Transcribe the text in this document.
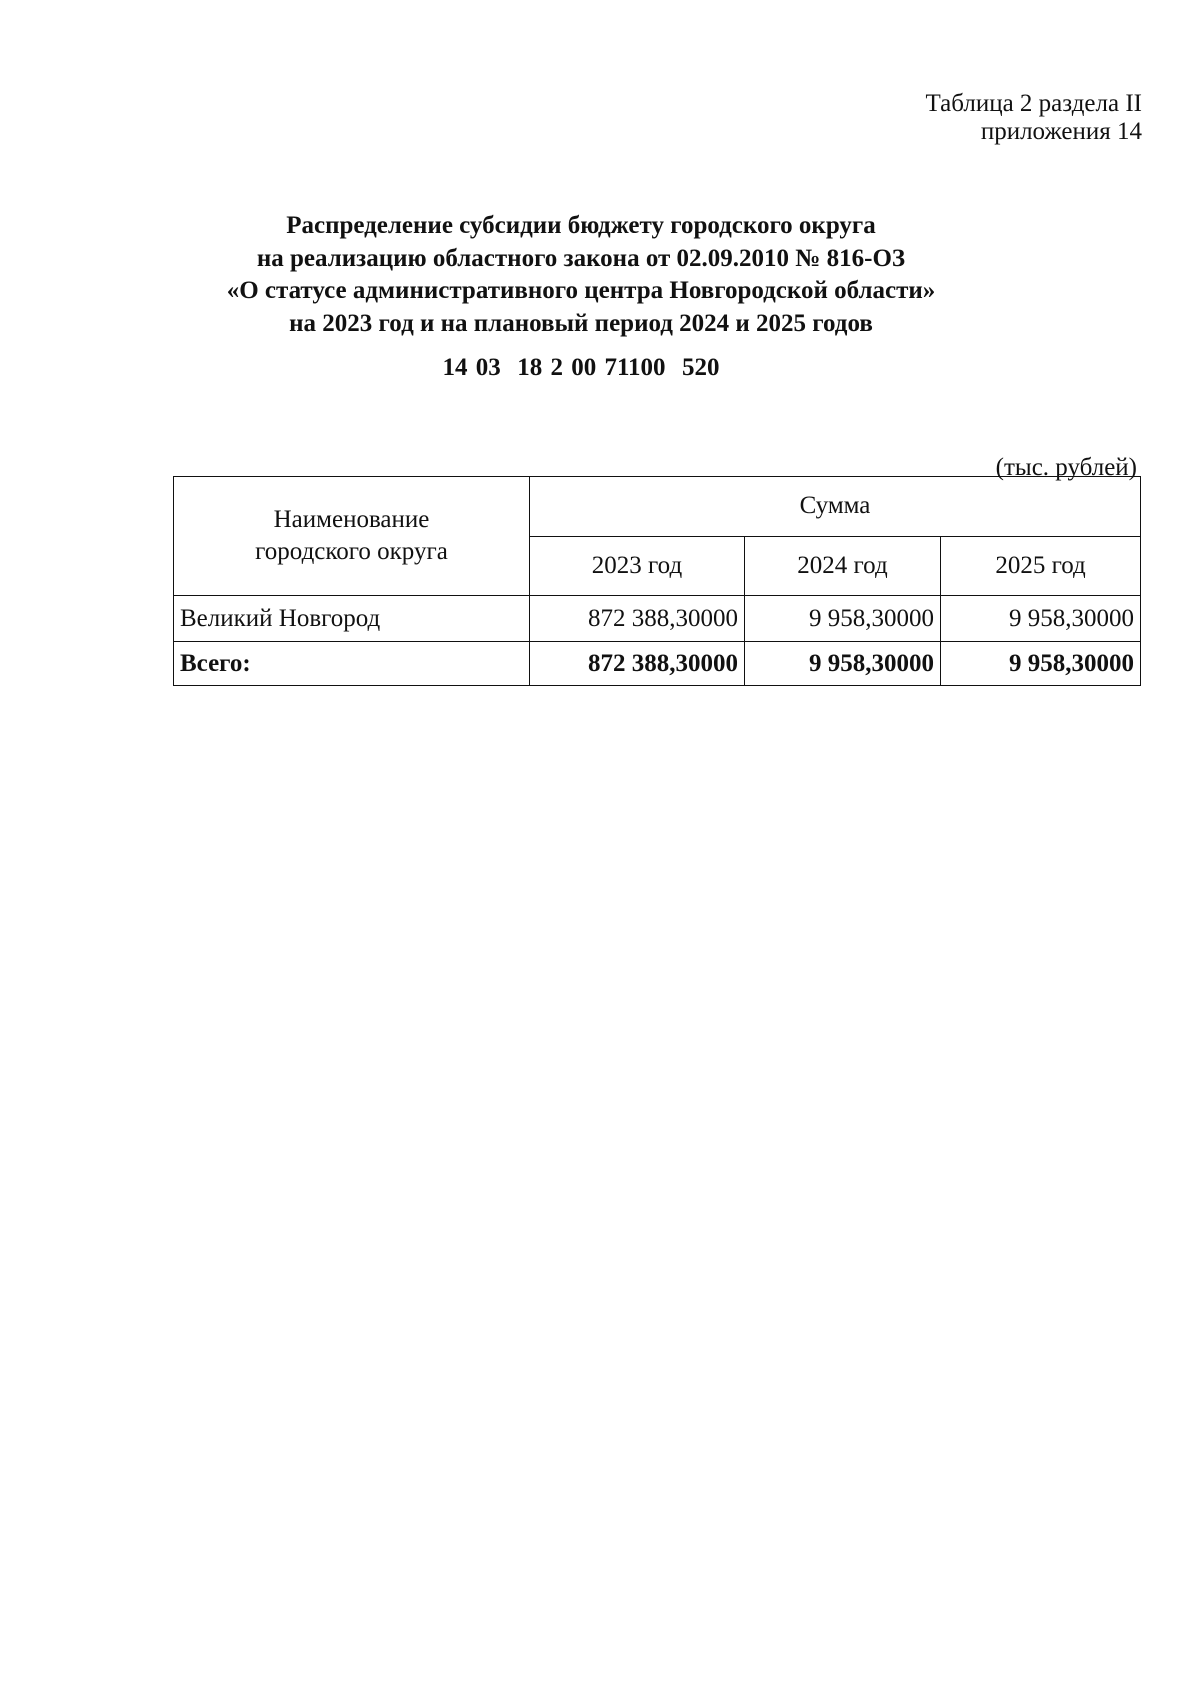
Таблица 2 раздела II
приложения 14
Распределение субсидии бюджету городского округа
на реализацию областного закона от 02.09.2010 № 816-ОЗ
«О статусе административного центра Новгородской области»
на 2023 год и на плановый период 2024 и 2025 годов
14 03  18 2 00 71100  520
(тыс. рублей)
Наименование
городского округа	Сумма		
	2023 год	2024 год	2025 год
Великий Новгород	872 388,30000	9 958,30000	9 958,30000
Всего:	872 388,30000	9 958,30000	9 958,30000
